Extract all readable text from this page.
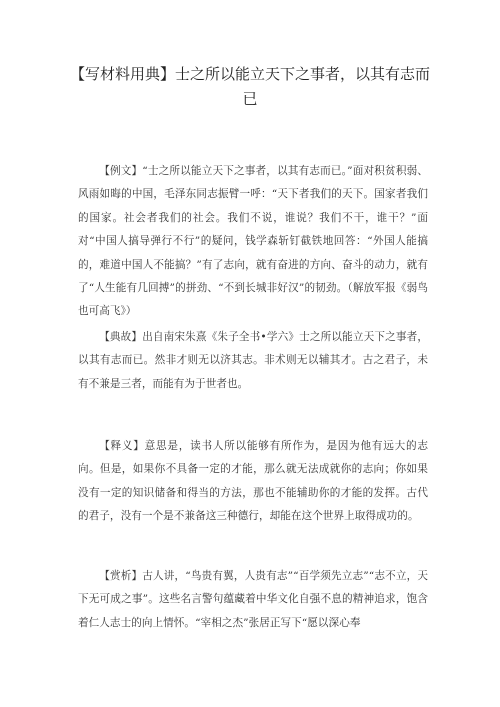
【写材料用典】士之所以能立天下之事者，以其有志而已

【例文】“士之所以能立天下之事者，以其有志而已。”面对积贫积弱、风雨如晦的中国，毛泽东同志振臂一呼：“天下者我们的天下。国家者我们的国家。社会者我们的社会。我们不说，谁说？我们不干，谁干？”面对“中国人搞导弹行不行”的疑问，钱学森斩钉截铁地回答：“外国人能搞的，难道中国人不能搞？”有了志向，就有奋进的方向、奋斗的动力，就有了“人生能有几回搏”的拼劲、“不到长城非好汉”的韧劲。（解放军报《弱鸟也可高飞》）

【典故】出自南宋朱熹《朱子全书•学六》士之所以能立天下之事者，以其有志而已。然非才则无以济其志。非术则无以辅其才。古之君子，未有不兼是三者，而能有为于世者也。

【释义】意思是，读书人所以能够有所作为，是因为他有远大的志向。但是，如果你不具备一定的才能，那么就无法成就你的志向；你如果没有一定的知识储备和得当的方法，那也不能辅助你的才能的发挥。古代的君子，没有一个是不兼备这三种德行，却能在这个世界上取得成功的。

【赏析】古人讲，“鸟贵有翼，人贵有志”“百学须先立志”“志不立，天下无可成之事”。这些名言警句蕴藏着中华文化自强不息的精神追求，饱含着仁人志士的向上情怀。“宰相之杰”张居正写下“愿以深心奉
